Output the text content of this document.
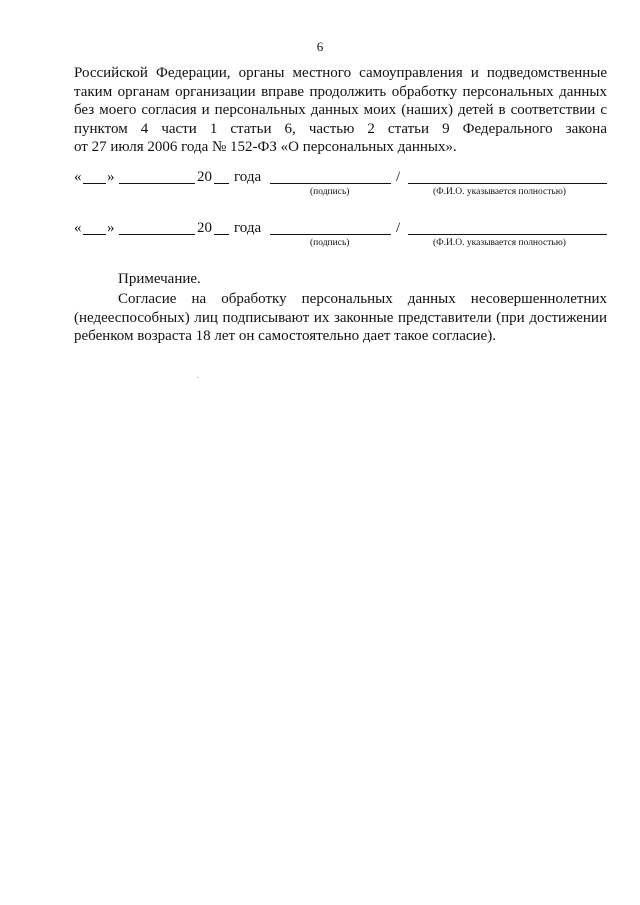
6
Российской Федерации, органы местного самоуправления и подведомственные
таким органам организации вправе продолжить обработку персональных данных
без моего согласия и персональных данных моих (наших) детей в соответствии с
пунктом 4 части 1 статьи 6, частью 2 статьи 9 Федерального закона
от 27 июля 2006 года № 152-ФЗ «О персональных данных».
« »	20 года	/
(подпись)	(Ф.И.О. указывается полностью)
« »	20 года	/
(подпись)	(Ф.И.О. указывается полностью)
Примечание.
Согласие на обработку персональных данных несовершеннолетних
(недееспособных) лиц подписывают их законные представители (при достижении
ребенком возраста 18 лет он самостоятельно дает такое согласие).
